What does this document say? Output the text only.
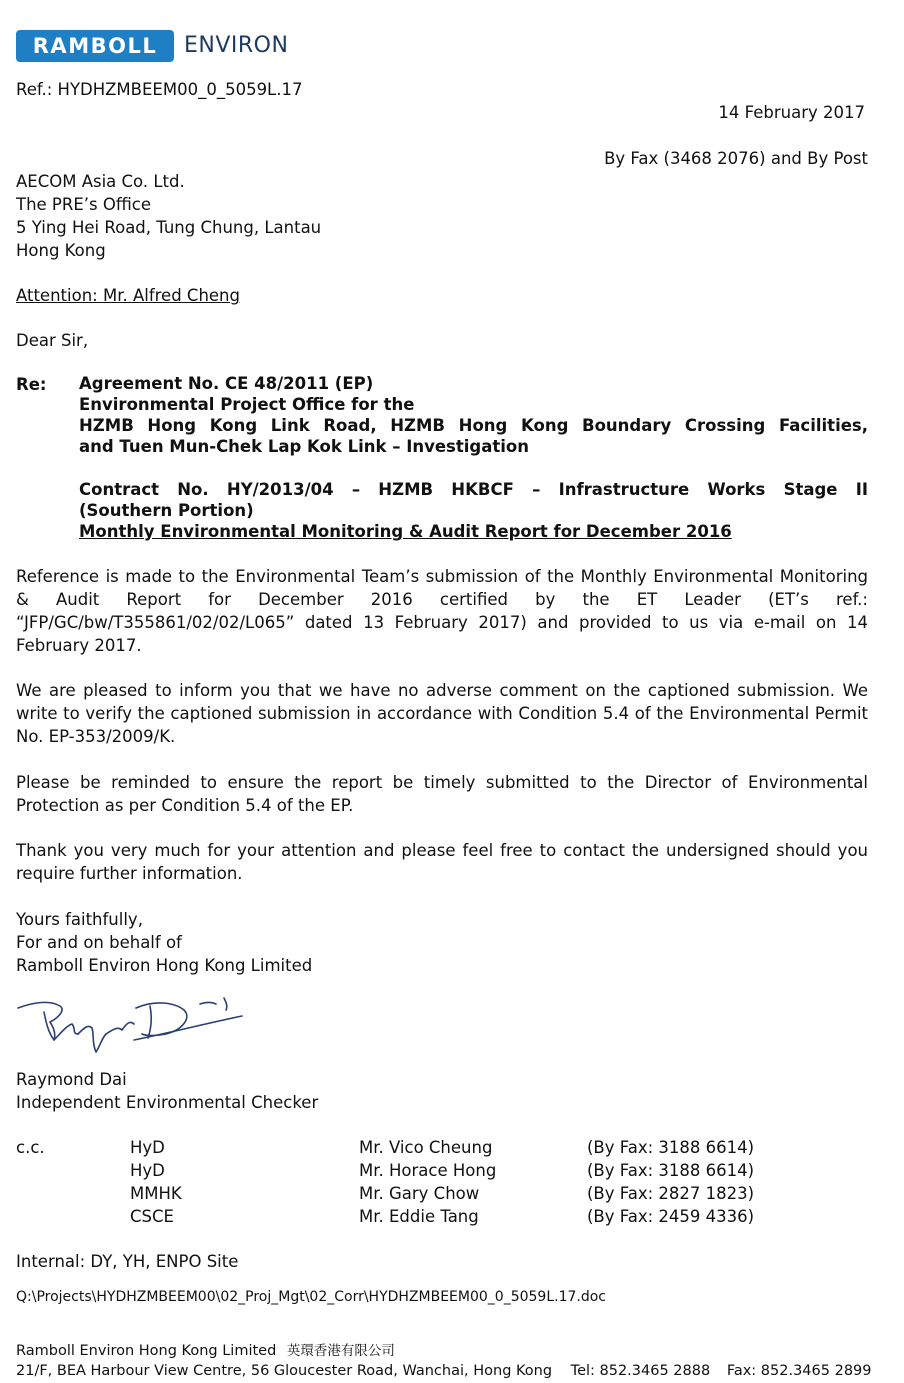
RAMBOLL	ENVIRON
Ref.: HYDHZMBEEM00_0_5059L.17
14 February 2017
By Fax (3468 2076) and By Post
AECOM Asia Co. Ltd.
The PRE’s Office
5 Ying Hei Road, Tung Chung, Lantau
Hong Kong
Attention: Mr. Alfred Cheng
Dear Sir,
Re: Agreement No. CE 48/2011 (EP)
Environmental Project Office for the
HZMB Hong Kong Link Road, HZMB Hong Kong Boundary Crossing Facilities,
and Tuen Mun-Chek Lap Kok Link – Investigation
Contract No. HY/2013/04 – HZMB HKBCF – Infrastructure Works Stage II
(Southern Portion)
Monthly Environmental Monitoring & Audit Report for December 2016
Reference is made to the Environmental Team’s submission of the Monthly Environmental Monitoring & Audit Report for December 2016 certified by the ET Leader (ET’s ref.: “JFP/GC/bw/T355861/02/02/L065” dated 13 February 2017) and provided to us via e-mail on 14 February 2017.
We are pleased to inform you that we have no adverse comment on the captioned submission. We write to verify the captioned submission in accordance with Condition 5.4 of the Environmental Permit No. EP-353/2009/K.
Please be reminded to ensure the report be timely submitted to the Director of Environmental Protection as per Condition 5.4 of the EP.
Thank you very much for your attention and please feel free to contact the undersigned should you require further information.
Yours faithfully,
For and on behalf of
Ramboll Environ Hong Kong Limited
Raymond Dai
Independent Environmental Checker
c.c.	HyD	Mr. Vico Cheung	(By Fax: 3188 6614)
HyD	Mr. Horace Hong	(By Fax: 3188 6614)
MMHK	Mr. Gary Chow	(By Fax: 2827 1823)
CSCE	Mr. Eddie Tang	(By Fax: 2459 4336)
Internal: DY, YH, ENPO Site
Q:\Projects\HYDHZMBEEM00\02_Proj_Mgt\02_Corr\HYDHZMBEEM00_0_5059L.17.doc
Ramboll Environ Hong Kong Limited 英環香港有限公司
21/F, BEA Harbour View Centre, 56 Gloucester Road, Wanchai, Hong Kong Tel: 852.3465 2888 Fax: 852.3465 2899
